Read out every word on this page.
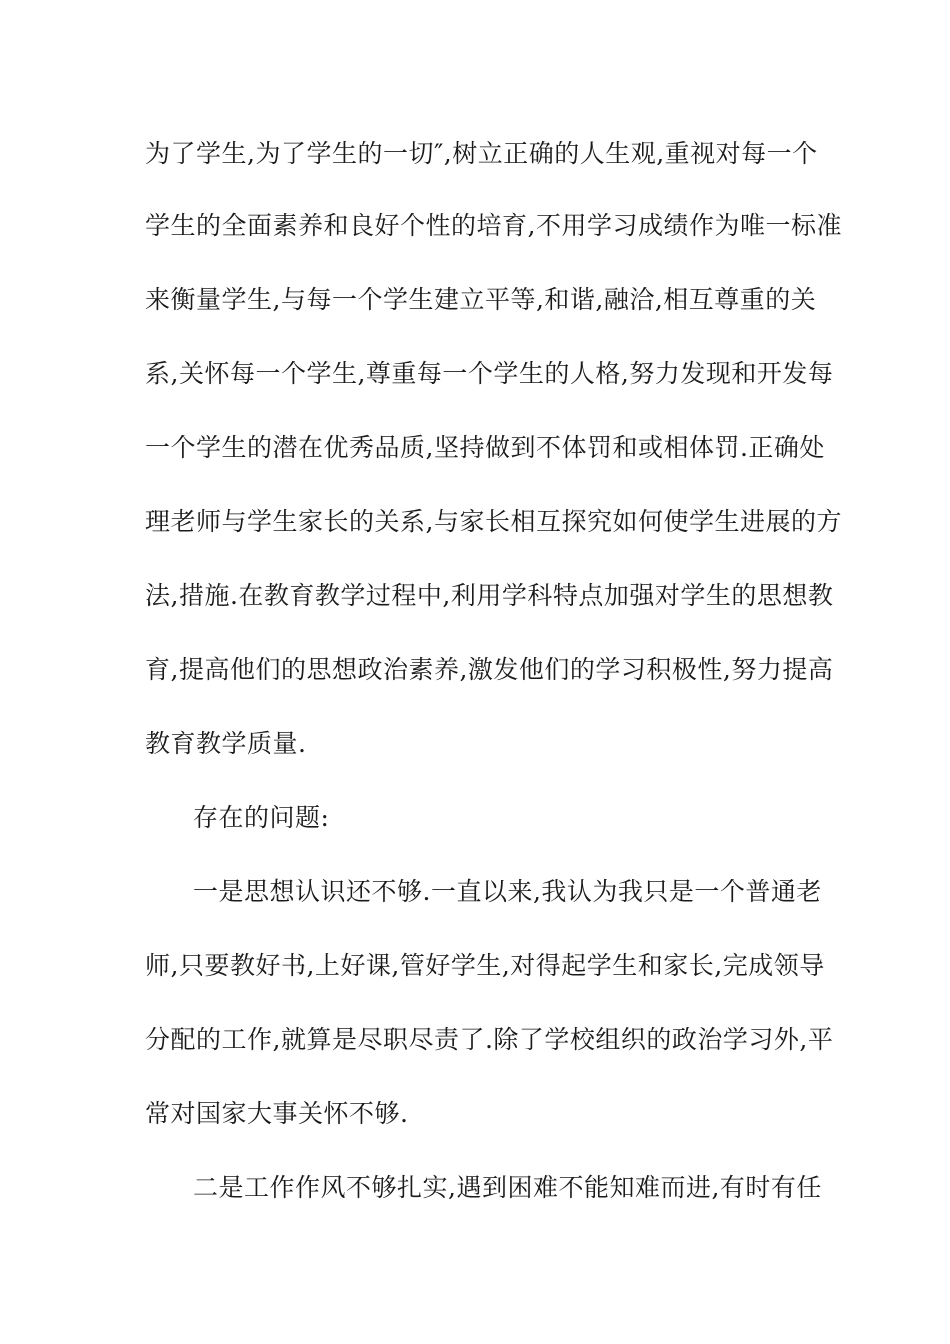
为了学生,为了学生的一切″,树立正确的人生观,重视对每一个
学生的全面素养和良好个性的培育,不用学习成绩作为唯一标准
来衡量学生,与每一个学生建立平等,和谐,融洽,相互尊重的关
系,关怀每一个学生,尊重每一个学生的人格,努力发现和开发每
一个学生的潜在优秀品质,坚持做到不体罚和或相体罚.正确处
理老师与学生家长的关系,与家长相互探究如何使学生进展的方
法,措施.在教育教学过程中,利用学科特点加强对学生的思想教
育,提高他们的思想政治素养,激发他们的学习积极性,努力提高
教育教学质量.
存在的问题:
一是思想认识还不够.一直以来,我认为我只是一个普通老
师,只要教好书,上好课,管好学生,对得起学生和家长,完成领导
分配的工作,就算是尽职尽责了.除了学校组织的政治学习外,平
常对国家大事关怀不够.
二是工作作风不够扎实,遇到困难不能知难而进,有时有任
